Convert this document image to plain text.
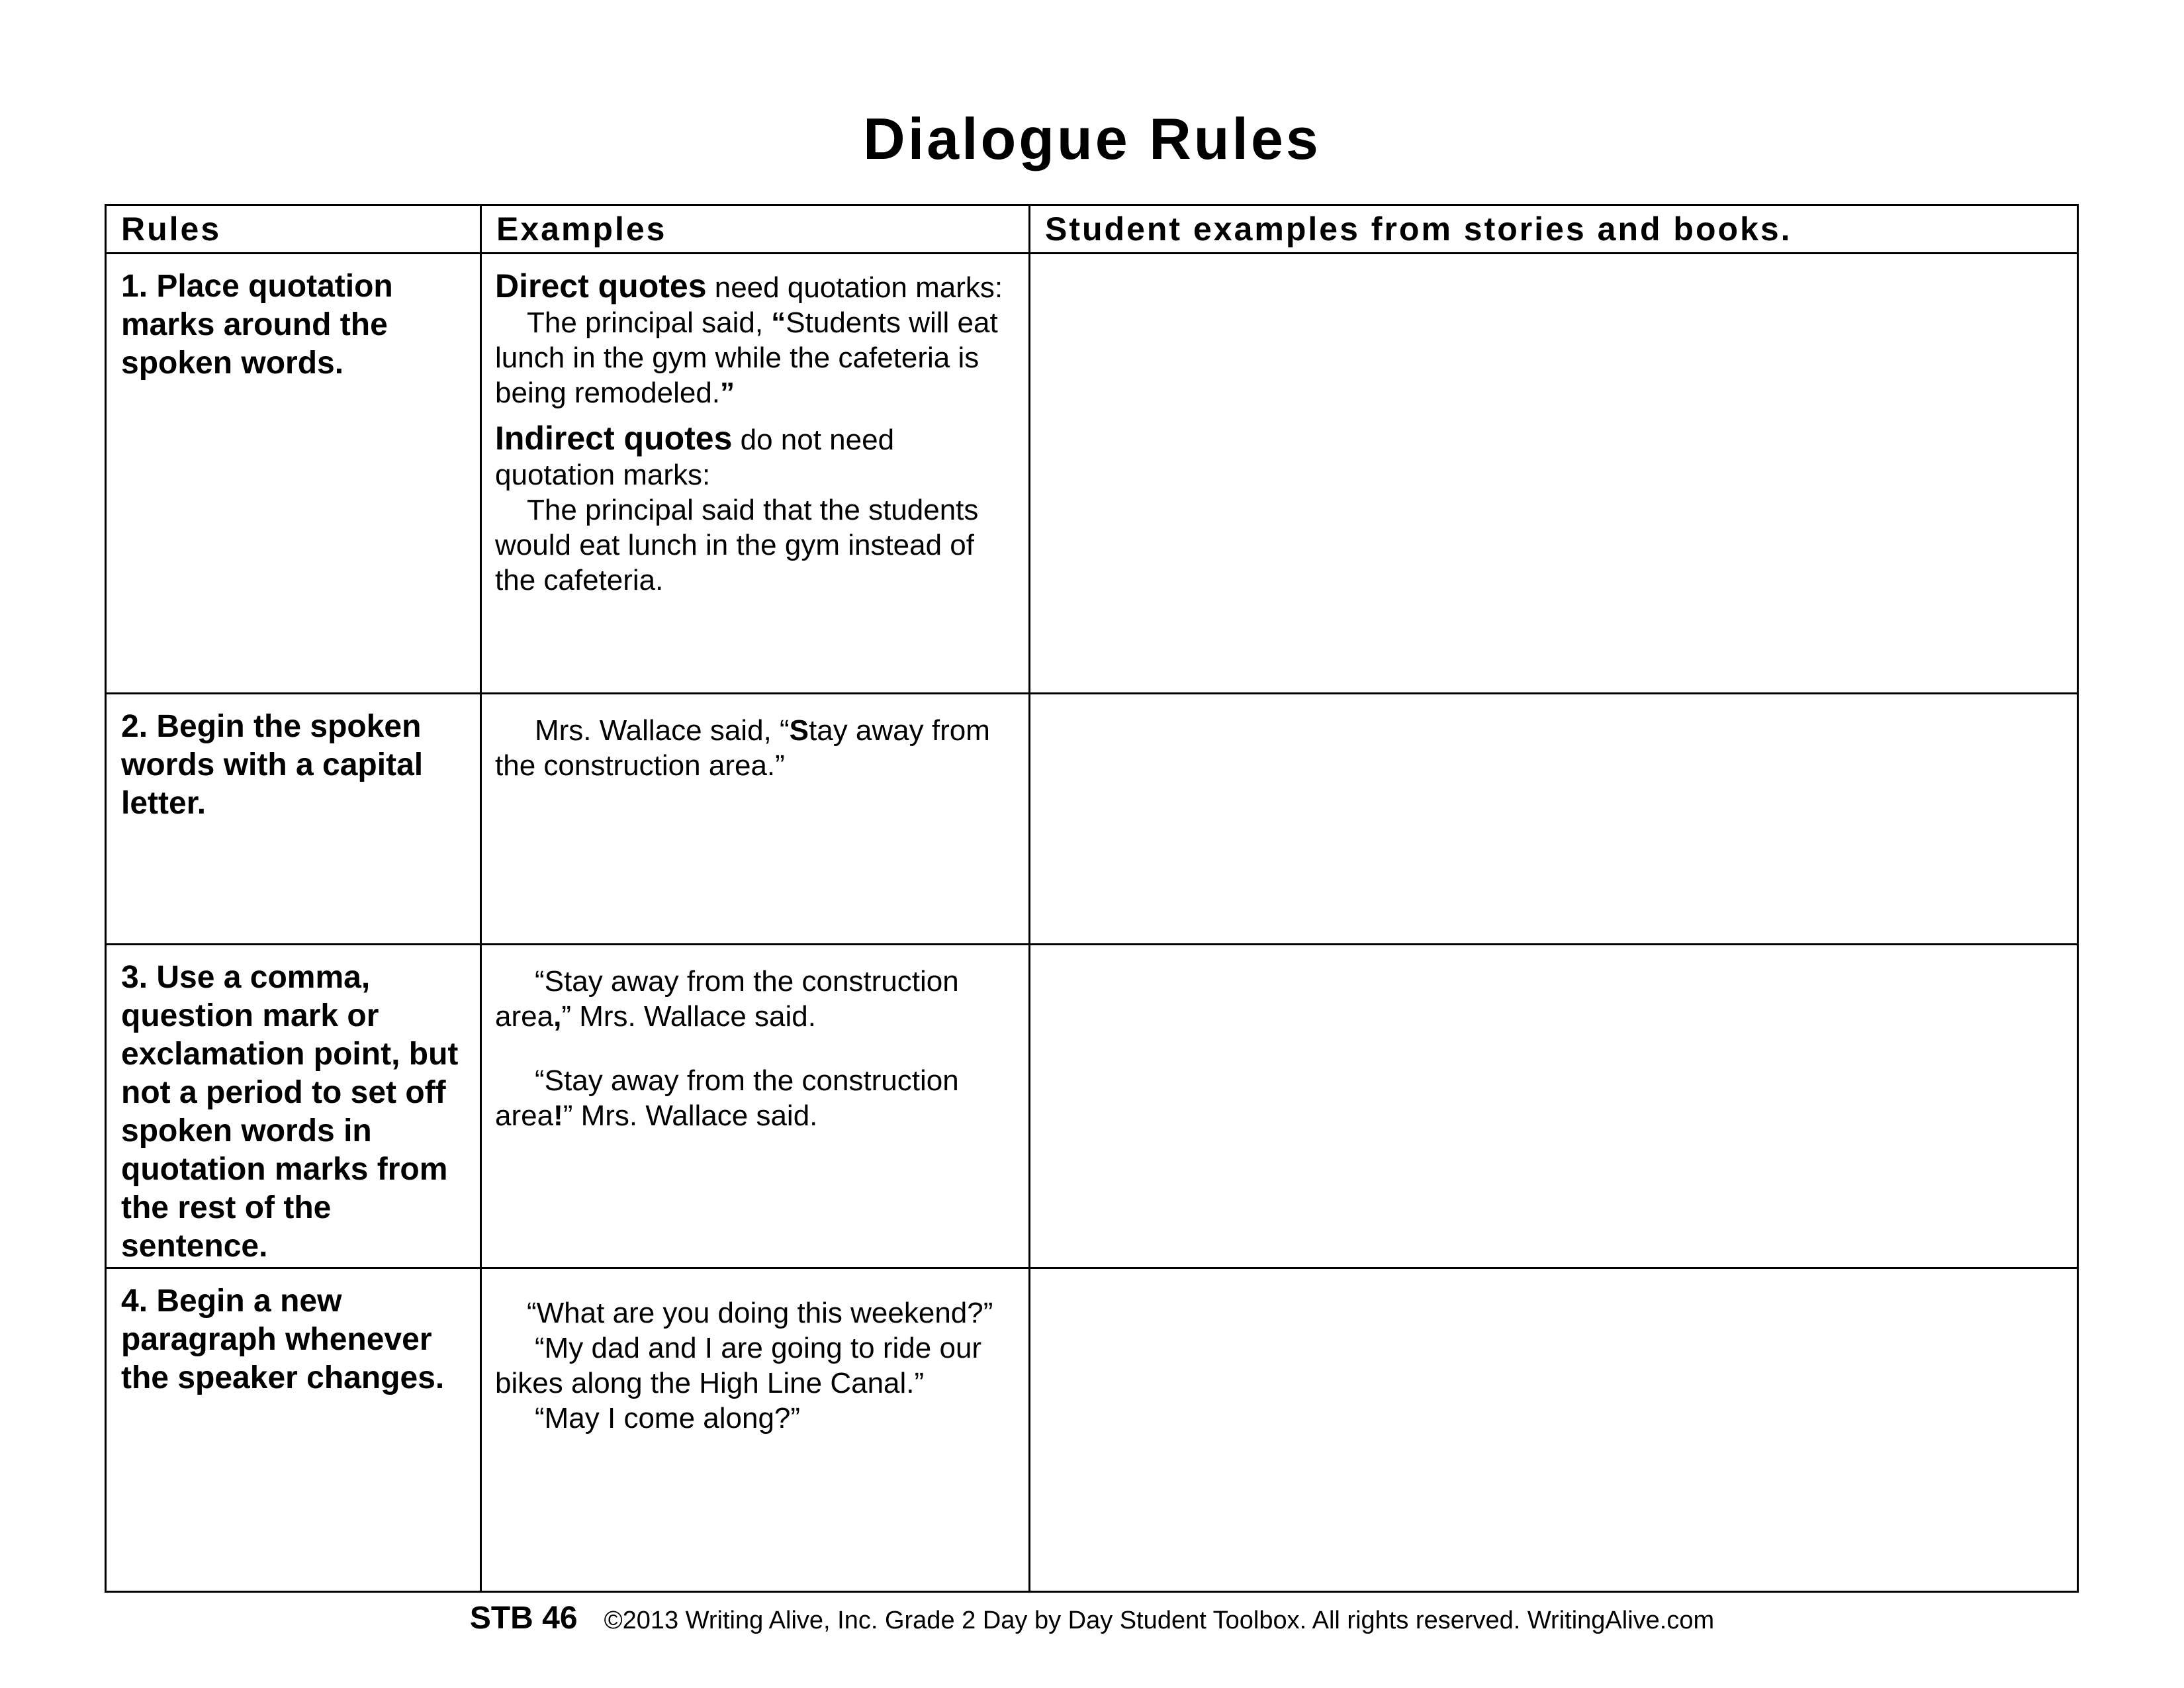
Dialogue Rules
Rules	Examples	Student examples from stories and books.

1. Place quotation marks around the spoken words.	Direct quotes need quotation marks:

The principal said, “Students will eat lunch in the gym while the cafeteria is being remodeled.”

Indirect quotes do not need quotation marks:

The principal said that the students would eat lunch in the gym instead of the cafeteria.	

2. Begin the spoken words with a capital letter.	Mrs. Wallace said, “Stay away from the construction area.”	

3. Use a comma, question mark or exclamation point, but not a period to set off spoken words in quotation marks from the rest of the sentence.	“Stay away from the construction area,” Mrs. Wallace said.

“Stay away from the construction area!” Mrs. Wallace said.	

4. Begin a new paragraph whenever the speaker changes.	“What are you doing this weekend?”

“My dad and I are going to ride our bikes along the High Line Canal.”

“May I come along?”	

STB 46 ©2013 Writing Alive, Inc. Grade 2 Day by Day Student Toolbox. All rights reserved. WritingAlive.com
